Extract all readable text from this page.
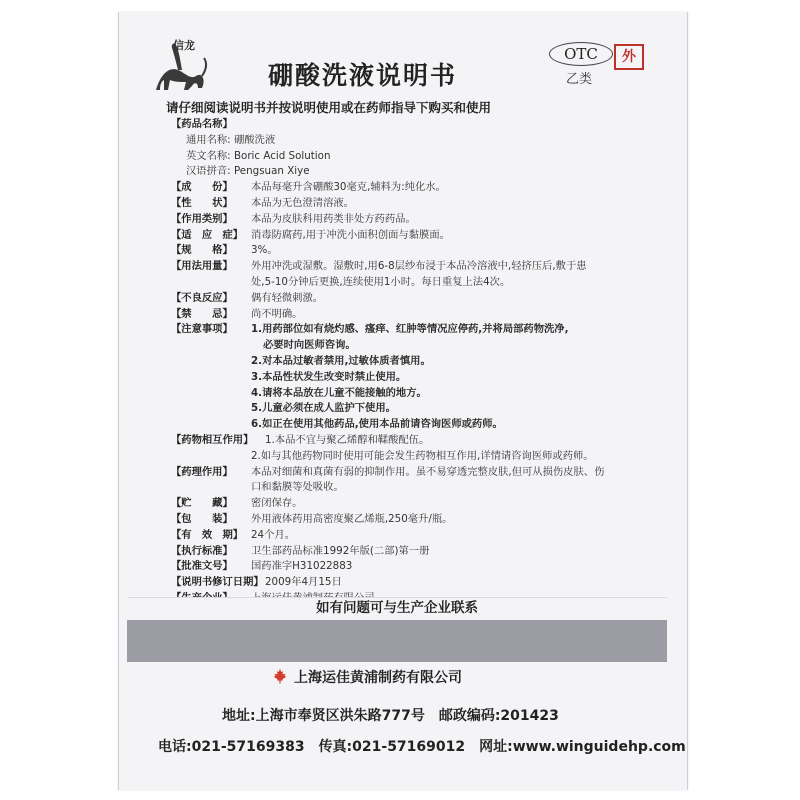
信龙
硼酸洗液说明书
OTC	外
乙类
请仔细阅读说明书并按说明使用或在药师指导下购买和使用
【药品名称】
通用名称:
硼酸洗液
英文名称:
Boric Acid Solution
汉语拼音:
Pengsuan Xiye
【成　　份】	本品每毫升含硼酸30毫克,辅料为:纯化水。
【性　　状】	本品为无色澄清溶液。
【作用类别】	本品为皮肤科用药类非处方药药品。
【适　应　症】 消毒防腐药,用于冲洗小面积创面与黏膜面。
【规　　格】	3%。
【用法用量】	外用冲洗或湿敷。湿敷时,用6-8层纱布浸于本品冷溶液中,轻挤压后,敷于患
处,5-10分钟后更换,连续使用1小时。每日重复上法4次。
【不良反应】	偶有轻微刺激。
【禁　　忌】	尚不明确。
【注意事项】	1.用药部位如有烧灼感、瘙痒、红肿等情况应停药,并将局部药物洗净,
必要时向医师咨询。
2.对本品过敏者禁用,过敏体质者慎用。
3.本品性状发生改变时禁止使用。
4.请将本品放在儿童不能接触的地方。
5.儿童必须在成人监护下使用。
6.如正在使用其他药品,使用本品前请咨询医师或药师。
【药物相互作用】	1.本品不宜与聚乙烯醇和鞣酸配伍。
2.如与其他药物同时使用可能会发生药物相互作用,详情请咨询医师或药师。
【药理作用】	本品对细菌和真菌有弱的抑制作用。虽不易穿透完整皮肤,但可从损伤皮肤、伤
口和黏膜等处吸收。
【贮　　藏】	密闭保存。
【包　　装】	外用液体药用高密度聚乙烯瓶,250毫升/瓶。
【有　效　期】 24个月。
【执行标准】	卫生部药品标准1992年版(二部)第一册
【批准文号】	国药准字H31022883
【说明书修订日期】 2009年4月15日
如有问题可与生产企业联系
上海运佳黄浦制药有限公司
地址:上海市奉贤区洪朱路777号 邮政编码:201423
电话:021-57169383 传真:021-57169012 网址:www.winguidehp.com
